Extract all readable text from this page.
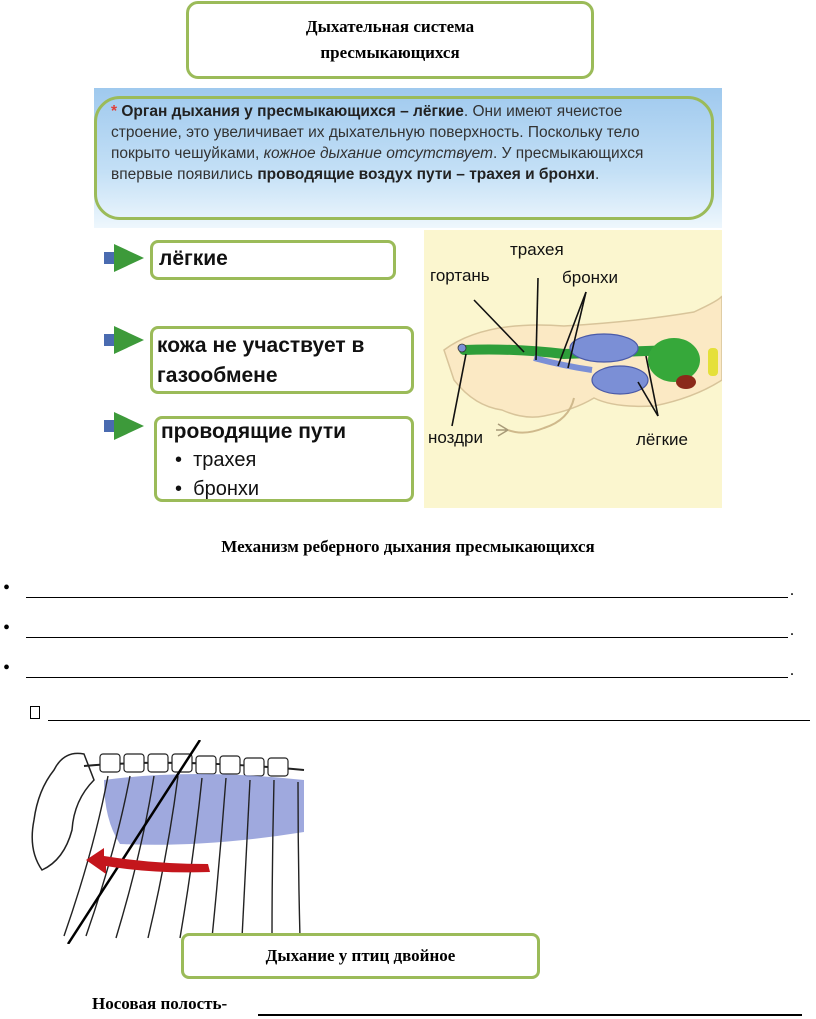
Дыхательная система
пресмыкающихся
* Орган дыхания у пресмыкающихся – лёгкие. Они имеют ячеистое строение, это увеличивает их дыхательную поверхность. Поскольку тело покрыто чешуйками, кожное дыхание отсутствует. У пресмыкающихся впервые появились проводящие воздух пути – трахея и бронхи.
лёгкие
кожа не участвует в газообмене
проводящие пути
• трахея
• бронхи
трахея
гортань	бронхи
ноздри	лёгкие
Механизм реберного дыхания пресмыкающихся
•	.
•	.
•	.
Дыхание у птиц двойное
Носовая полость-
